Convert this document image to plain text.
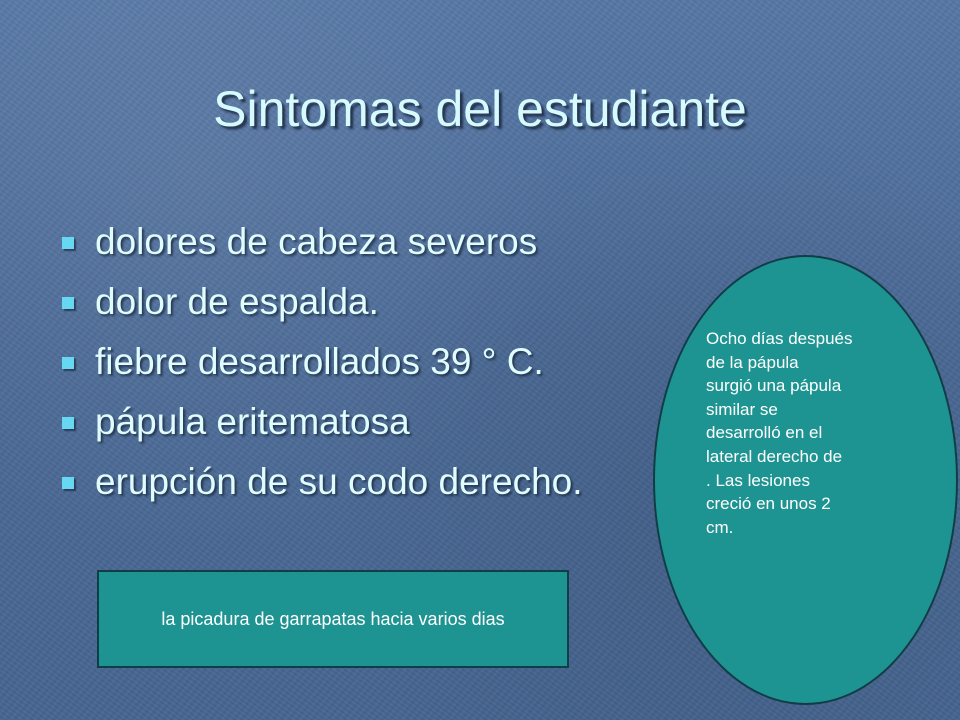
Sintomas del estudiante
dolores de cabeza severos
dolor de espalda.
fiebre desarrollados 39 ° C.
pápula eritematosa
erupción de su codo derecho.
Ocho días después
de la pápula
surgió una pápula
similar se
desarrolló en el
lateral derecho de
. Las lesiones
creció en unos 2
cm.
la picadura de garrapatas hacia varios dias
